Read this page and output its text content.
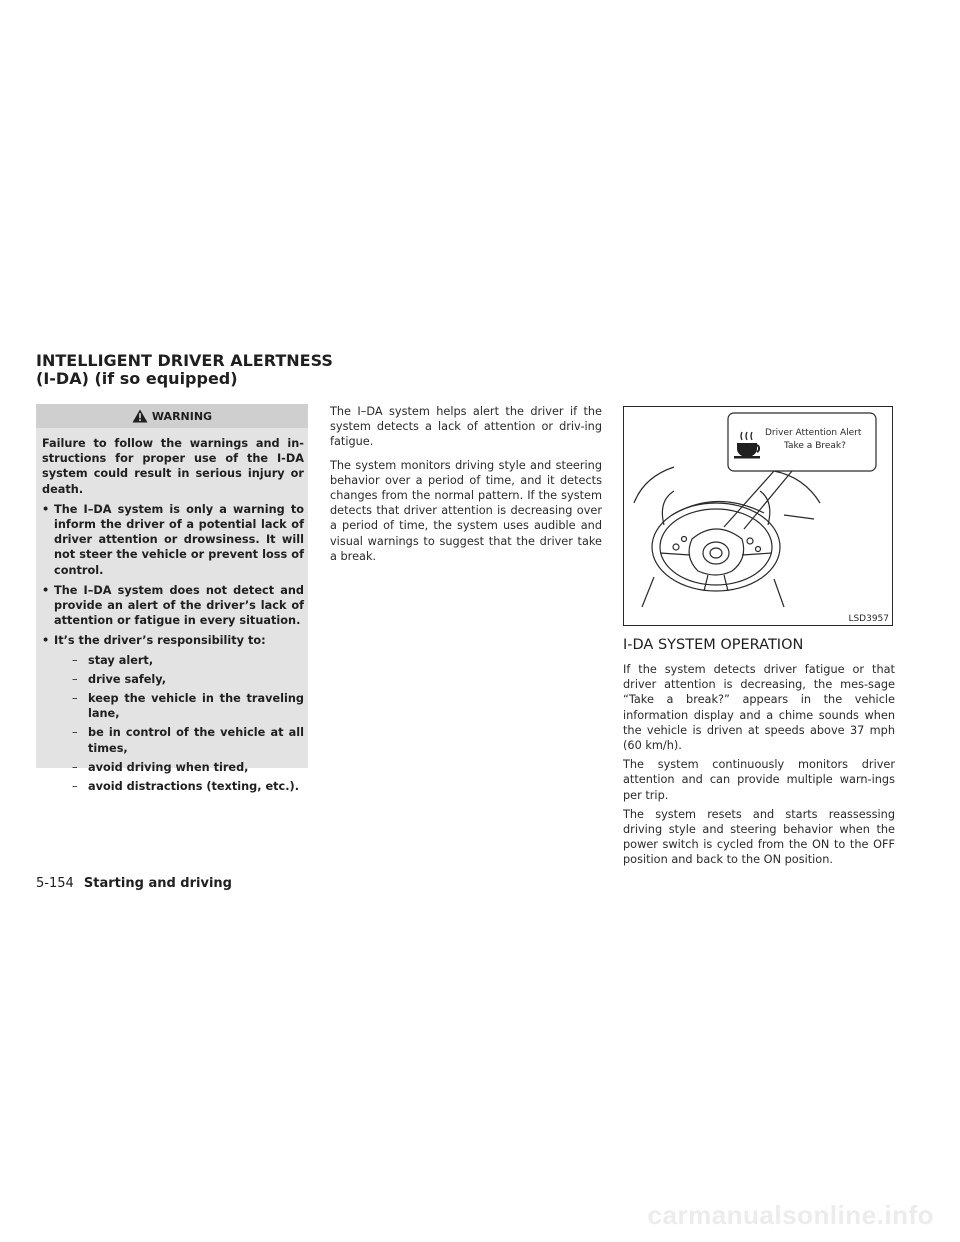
INTELLIGENT DRIVER ALERTNESS
(I-DA) (if so equipped)
WARNING

Failure to follow the warnings and in-structions for proper use of the I-DA system could result in serious injury or death.

• The I–DA system is only a warning to inform the driver of a potential lack of driver attention or drowsiness. It will not steer the vehicle or prevent loss of control.
• The I–DA system does not detect and provide an alert of the driver’s lack of attention or fatigue in every situation.
• It’s the driver’s responsibility to:
– stay alert,
– drive safely,
– keep the vehicle in the traveling lane,
– be in control of the vehicle at all times,
– avoid driving when tired,
– avoid distractions (texting, etc.).

The I–DA system helps alert the driver if the system detects a lack of attention or driv-ing fatigue.

The system monitors driving style and steering behavior over a period of time, and it detects changes from the normal pattern. If the system detects that driver attention is decreasing over a period of time, the system uses audible and visual warnings to suggest that the driver take a break.

Driver Attention Alert
Take a Break?
LSD3957
I-DA SYSTEM OPERATION

If the system detects driver fatigue or that driver attention is decreasing, the mes-sage “Take a break?” appears in the vehicle information display and a chime sounds when the vehicle is driven at speeds above 37 mph (60 km/h).

The system continuously monitors driver attention and can provide multiple warn-ings per trip.

The system resets and starts reassessing driving style and steering behavior when the power switch is cycled from the ON to the OFF position and back to the ON position.

5-154 Starting and driving
carmanualsonline.info
